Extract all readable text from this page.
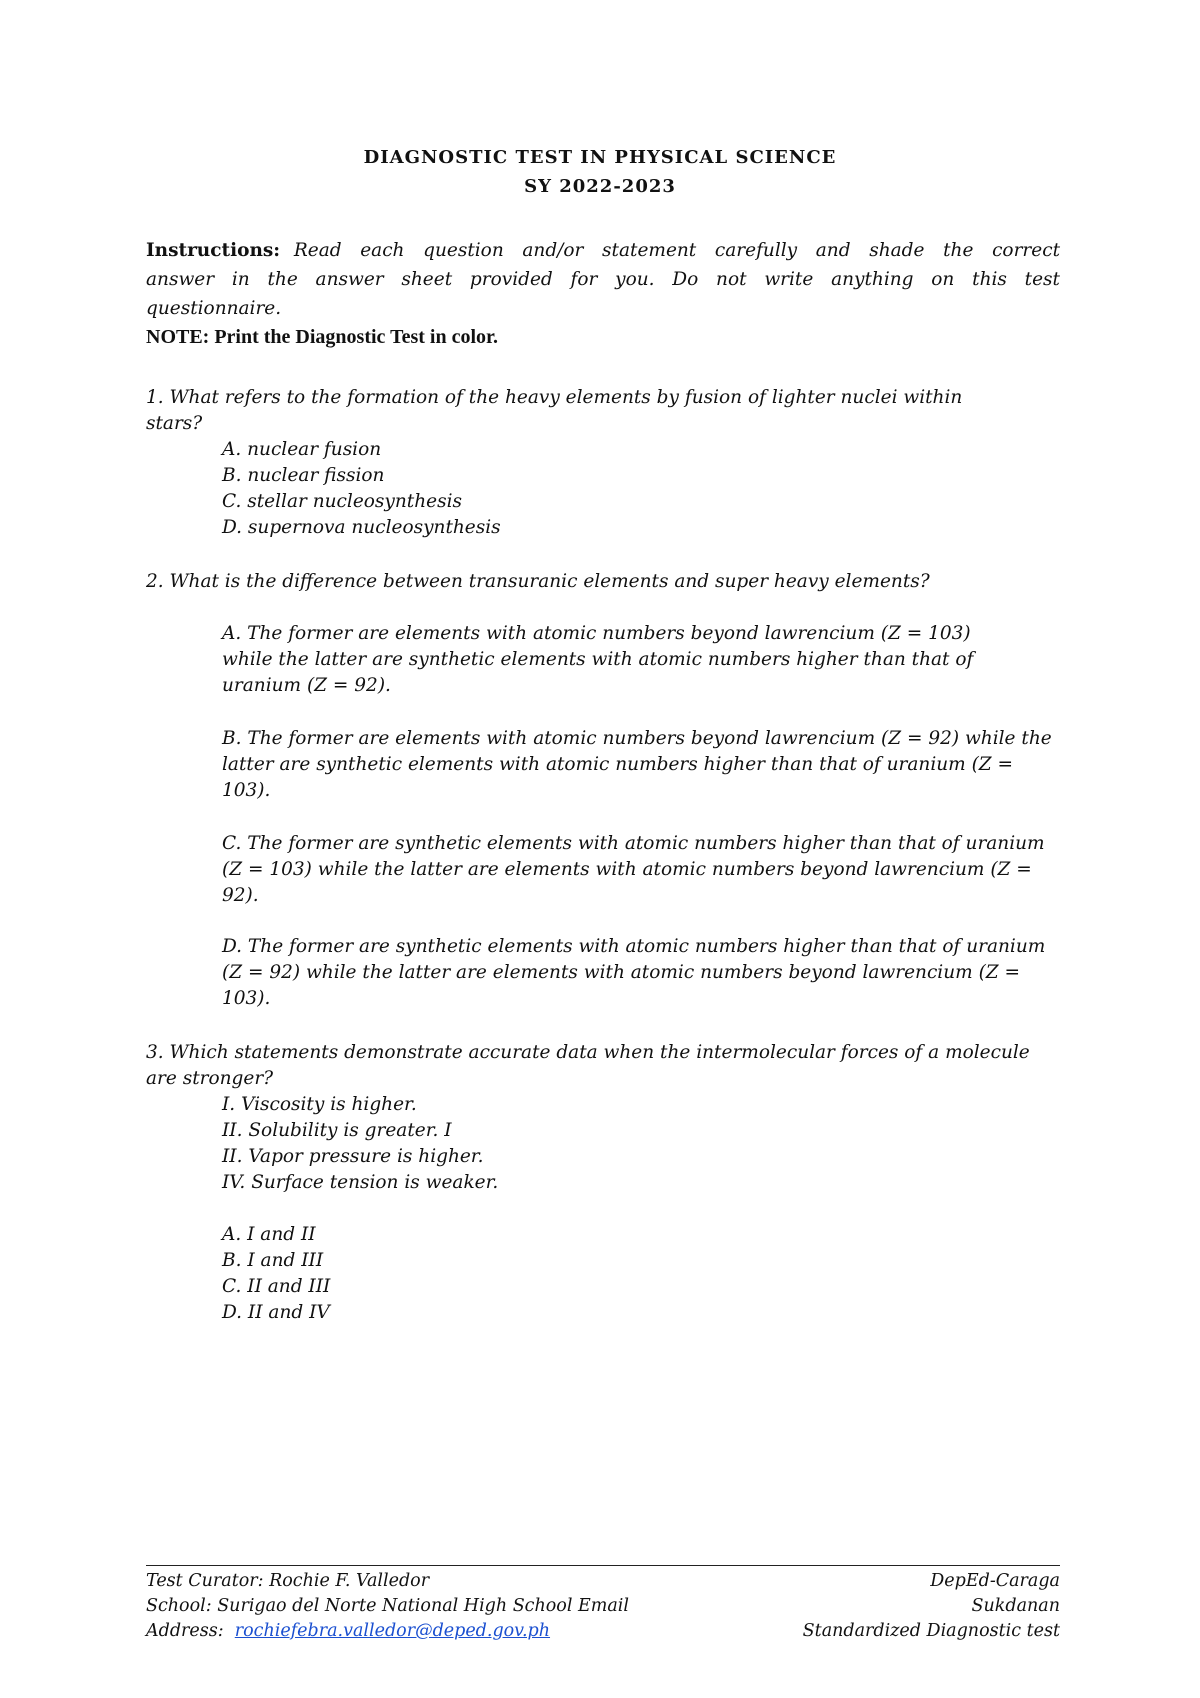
DIAGNOSTIC TEST IN PHYSICAL SCIENCE
SY 2022-2023
Instructions: Read each question and/or statement carefully and shade the correct answer in the answer sheet provided for you. Do not write anything on this test questionnaire.
NOTE: Print the Diagnostic Test in color.
1. What refers to the formation of the heavy elements by fusion of lighter nuclei within stars?
A. nuclear fusion
B. nuclear fission
C. stellar nucleosynthesis
D. supernova nucleosynthesis
2. What is the difference between transuranic elements and super heavy elements?
A. The former are elements with atomic numbers beyond lawrencium (Z = 103) while the latter are synthetic elements with atomic numbers higher than that of uranium (Z = 92).
B. The former are elements with atomic numbers beyond lawrencium (Z = 92) while the latter are synthetic elements with atomic numbers higher than that of uranium (Z = 103).
C. The former are synthetic elements with atomic numbers higher than that of uranium (Z = 103) while the latter are elements with atomic numbers beyond lawrencium (Z = 92).
D. The former are synthetic elements with atomic numbers higher than that of uranium (Z = 92) while the latter are elements with atomic numbers beyond lawrencium (Z = 103).
3. Which statements demonstrate accurate data when the intermolecular forces of a molecule are stronger?
I. Viscosity is higher.
II. Solubility is greater. I
II. Vapor pressure is higher.
IV. Surface tension is weaker.
A. I and II
B. I and III
C. II and III
D. II and IV
Test Curator: Rochie F. Valledor
School: Surigao del Norte National High School Email
Address: rochiefebra.valledor@deped.gov.ph
DepEd-Caraga
Sukdanan
Standardized Diagnostic test
